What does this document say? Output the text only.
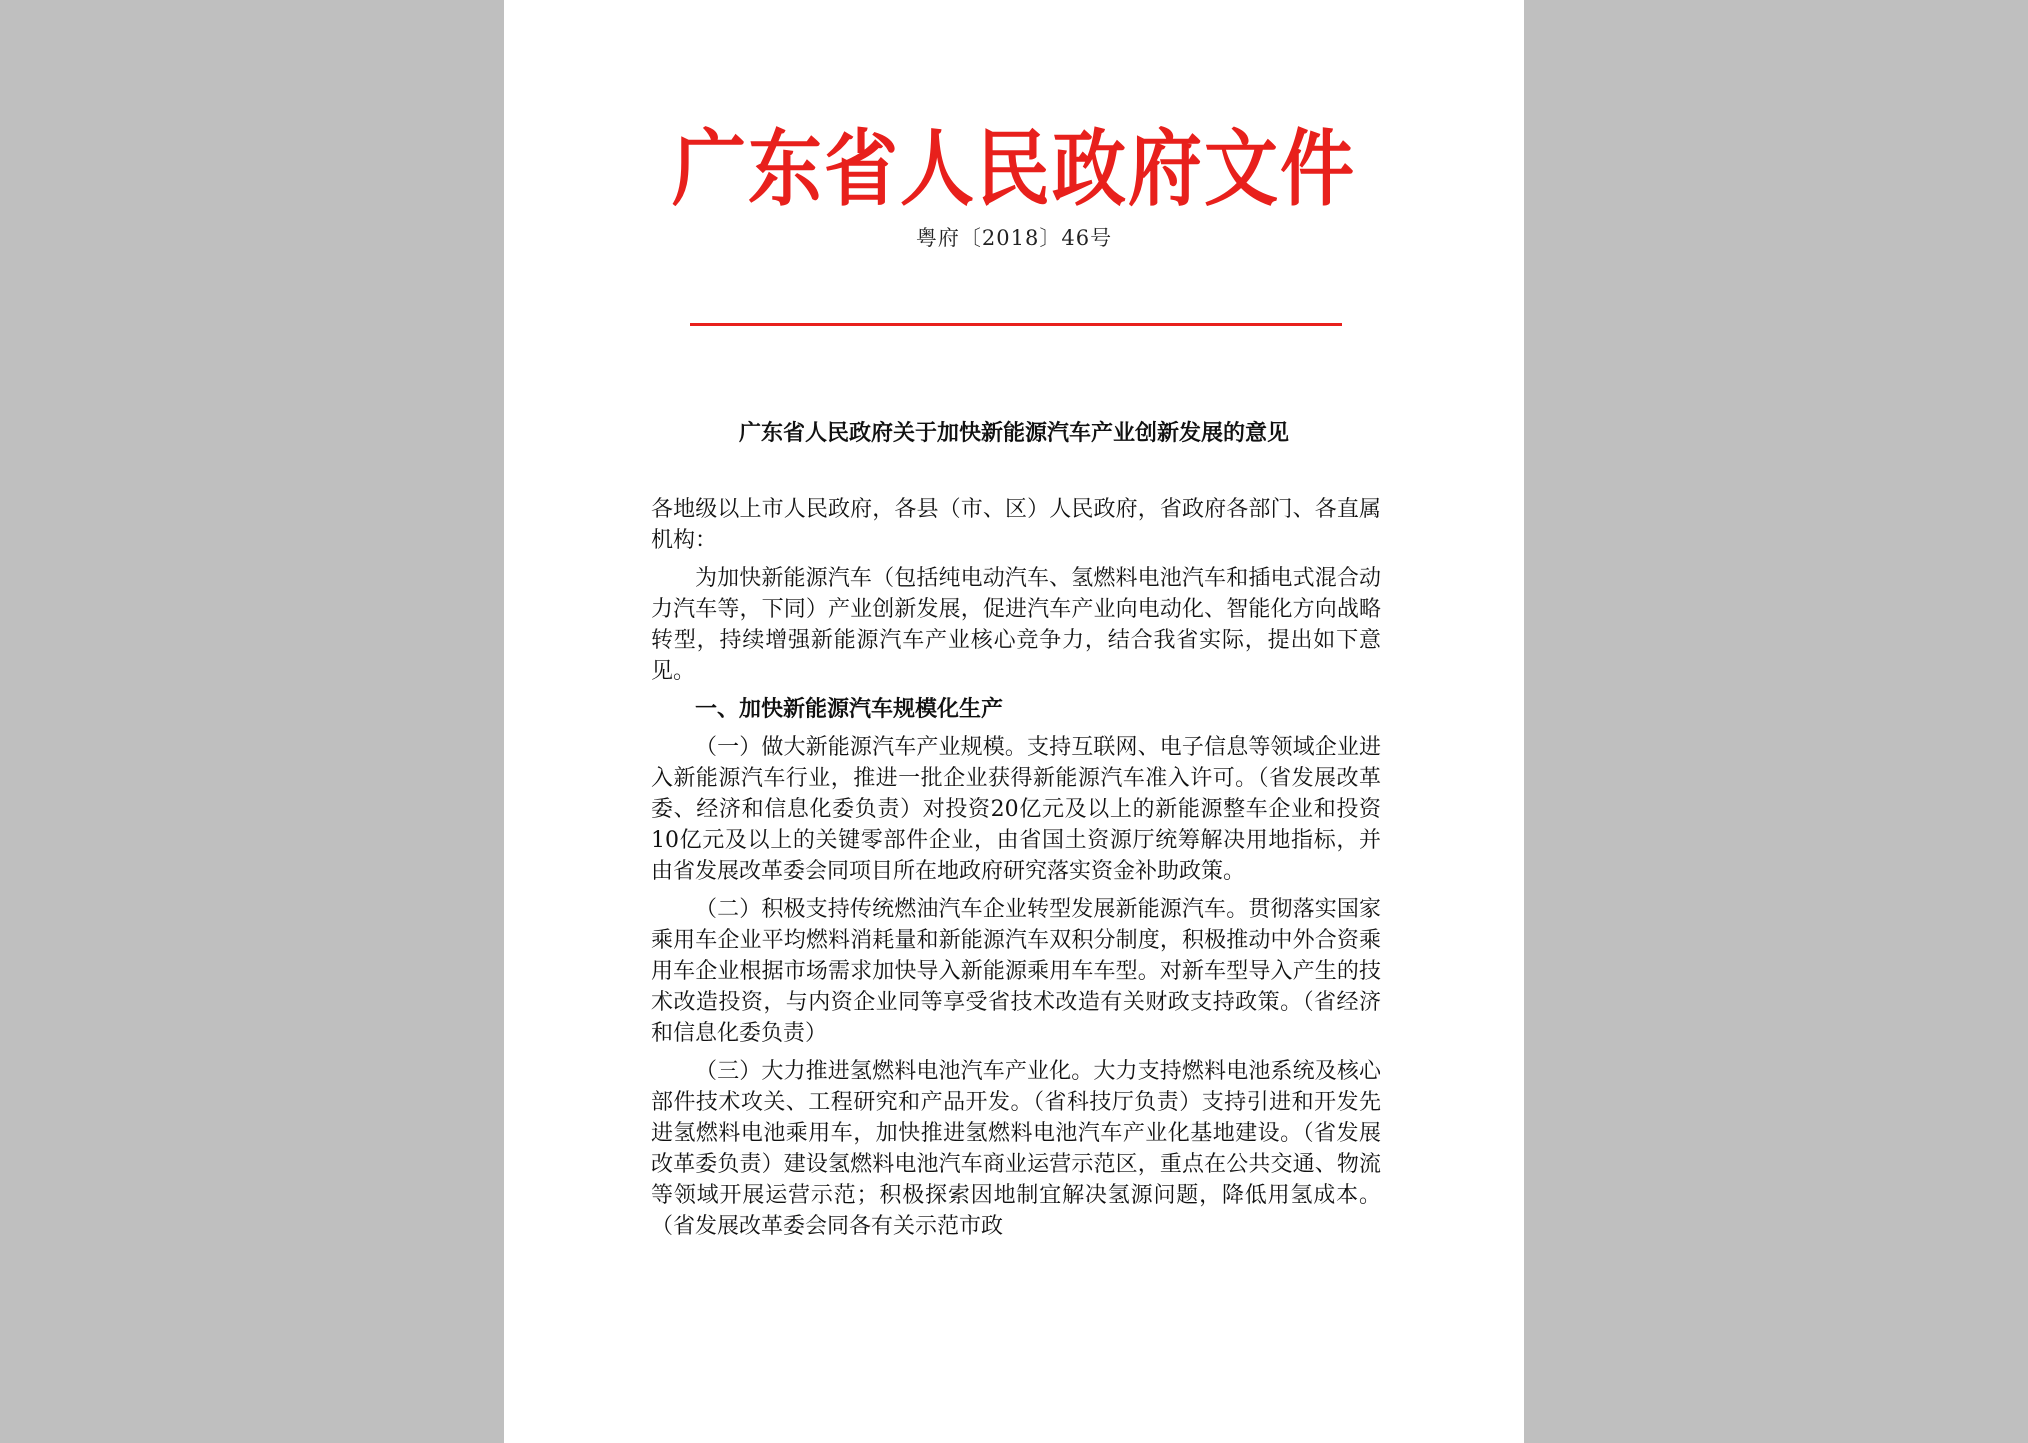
广东省人民政府文件
粤府〔2018〕46号
广东省人民政府关于加快新能源汽车产业创新发展的意见

各地级以上市人民政府，各县（市、区）人民政府，省政府各部门、各直属机构：

为加快新能源汽车（包括纯电动汽车、氢燃料电池汽车和插电式混合动力汽车等，下同）产业创新发展，促进汽车产业向电动化、智能化方向战略转型，持续增强新能源汽车产业核心竞争力，结合我省实际，提出如下意见。

一、加快新能源汽车规模化生产

（一）做大新能源汽车产业规模。支持互联网、电子信息等领域企业进入新能源汽车行业，推进一批企业获得新能源汽车准入许可。（省发展改革委、经济和信息化委负责）对投资20亿元及以上的新能源整车企业和投资10亿元及以上的关键零部件企业，由省国土资源厅统筹解决用地指标，并由省发展改革委会同项目所在地政府研究落实资金补助政策。

（二）积极支持传统燃油汽车企业转型发展新能源汽车。贯彻落实国家乘用车企业平均燃料消耗量和新能源汽车双积分制度，积极推动中外合资乘用车企业根据市场需求加快导入新能源乘用车车型。对新车型导入产生的技术改造投资，与内资企业同等享受省技术改造有关财政支持政策。（省经济和信息化委负责）

（三）大力推进氢燃料电池汽车产业化。大力支持燃料电池系统及核心部件技术攻关、工程研究和产品开发。（省科技厅负责）支持引进和开发先进氢燃料电池乘用车，加快推进氢燃料电池汽车产业化基地建设。（省发展改革委负责）建设氢燃料电池汽车商业运营示范区，重点在公共交通、物流等领域开展运营示范；积极探索因地制宜解决氢源问题，降低用氢成本。（省发展改革委会同各有关示范市政
